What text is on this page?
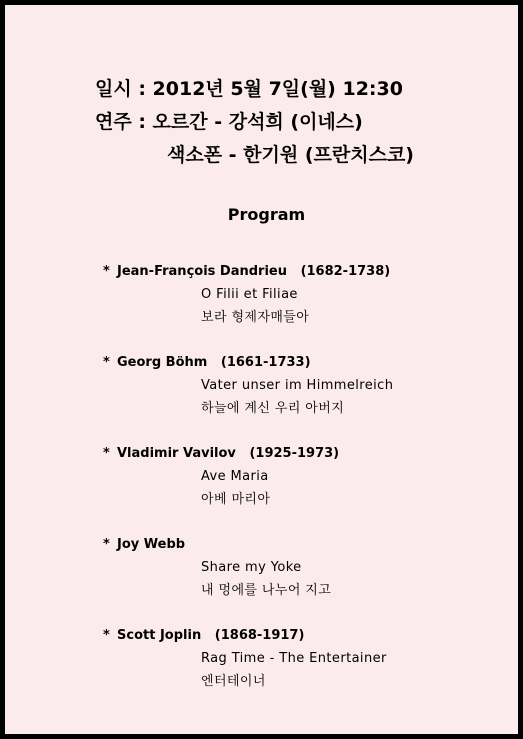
일시 : 2012년 5월 7일(월) 12:30
연주 : 오르간 - 강석희 (이네스)
색소폰 - 한기원 (프란치스코)
Program
* Jean-François Dandrieu (1682-1738)
O Filii et Filiae
보라 형제자매들아
* Georg Böhm (1661-1733)
Vater unser im Himmelreich
하늘에 계신 우리 아버지
* Vladimir Vavilov (1925-1973)
Ave Maria
아베 마리아
* Joy Webb
Share my Yoke
내 멍에를 나누어 지고
* Scott Joplin (1868-1917)
Rag Time - The Entertainer
엔터테이너
